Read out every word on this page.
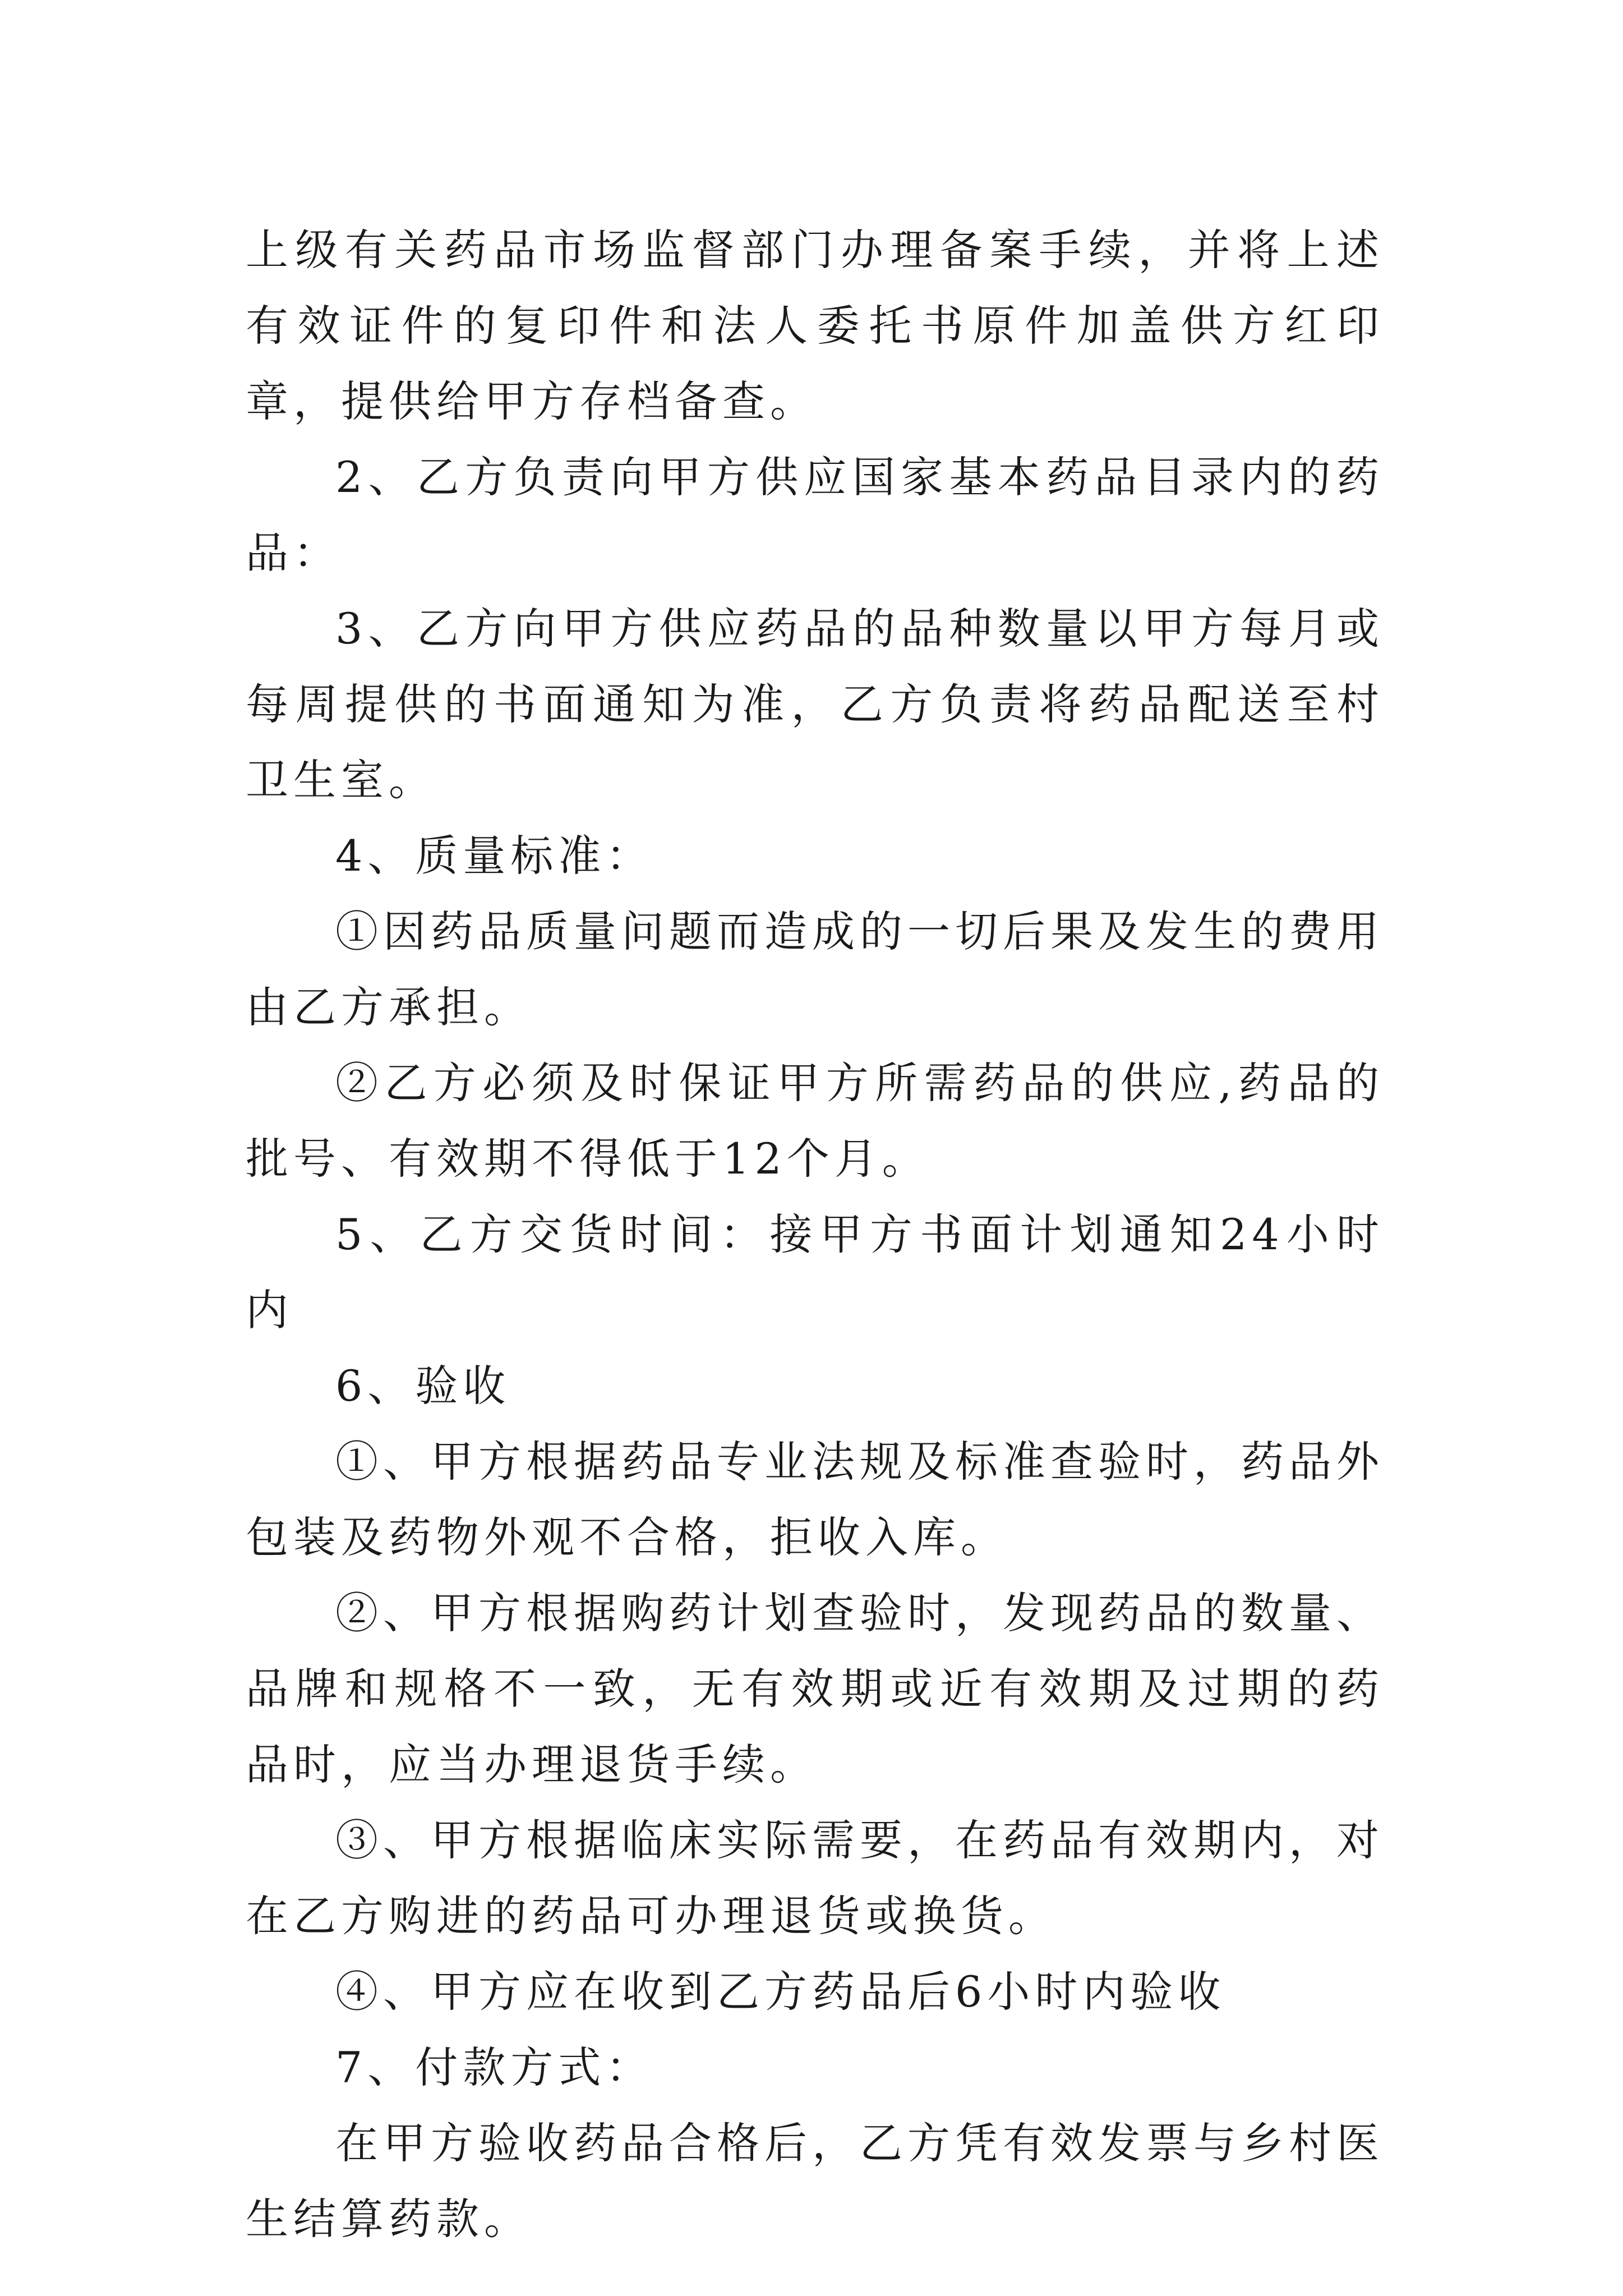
上级有关药品市场监督部门办理备案手续，并将上述有效证件的复印件和法人委托书原件加盖供方红印章，提供给甲方存档备查。

2、乙方负责向甲方供应国家基本药品目录内的药品：

3、乙方向甲方供应药品的品种数量以甲方每月或每周提供的书面通知为准，乙方负责将药品配送至村卫生室。

4、质量标准：

①因药品质量问题而造成的一切后果及发生的费用由乙方承担。

②乙方必须及时保证甲方所需药品的供应,药品的批号、有效期不得低于12个月。

5、乙方交货时间：接甲方书面计划通知24小时内

6、验收

①、甲方根据药品专业法规及标准查验时，药品外包装及药物外观不合格，拒收入库。

②、甲方根据购药计划查验时，发现药品的数量、品牌和规格不一致，无有效期或近有效期及过期的药品时，应当办理退货手续。

③、甲方根据临床实际需要，在药品有效期内，对在乙方购进的药品可办理退货或换货。

④、甲方应在收到乙方药品后6小时内验收

7、付款方式：

在甲方验收药品合格后，乙方凭有效发票与乡村医生结算药款。
